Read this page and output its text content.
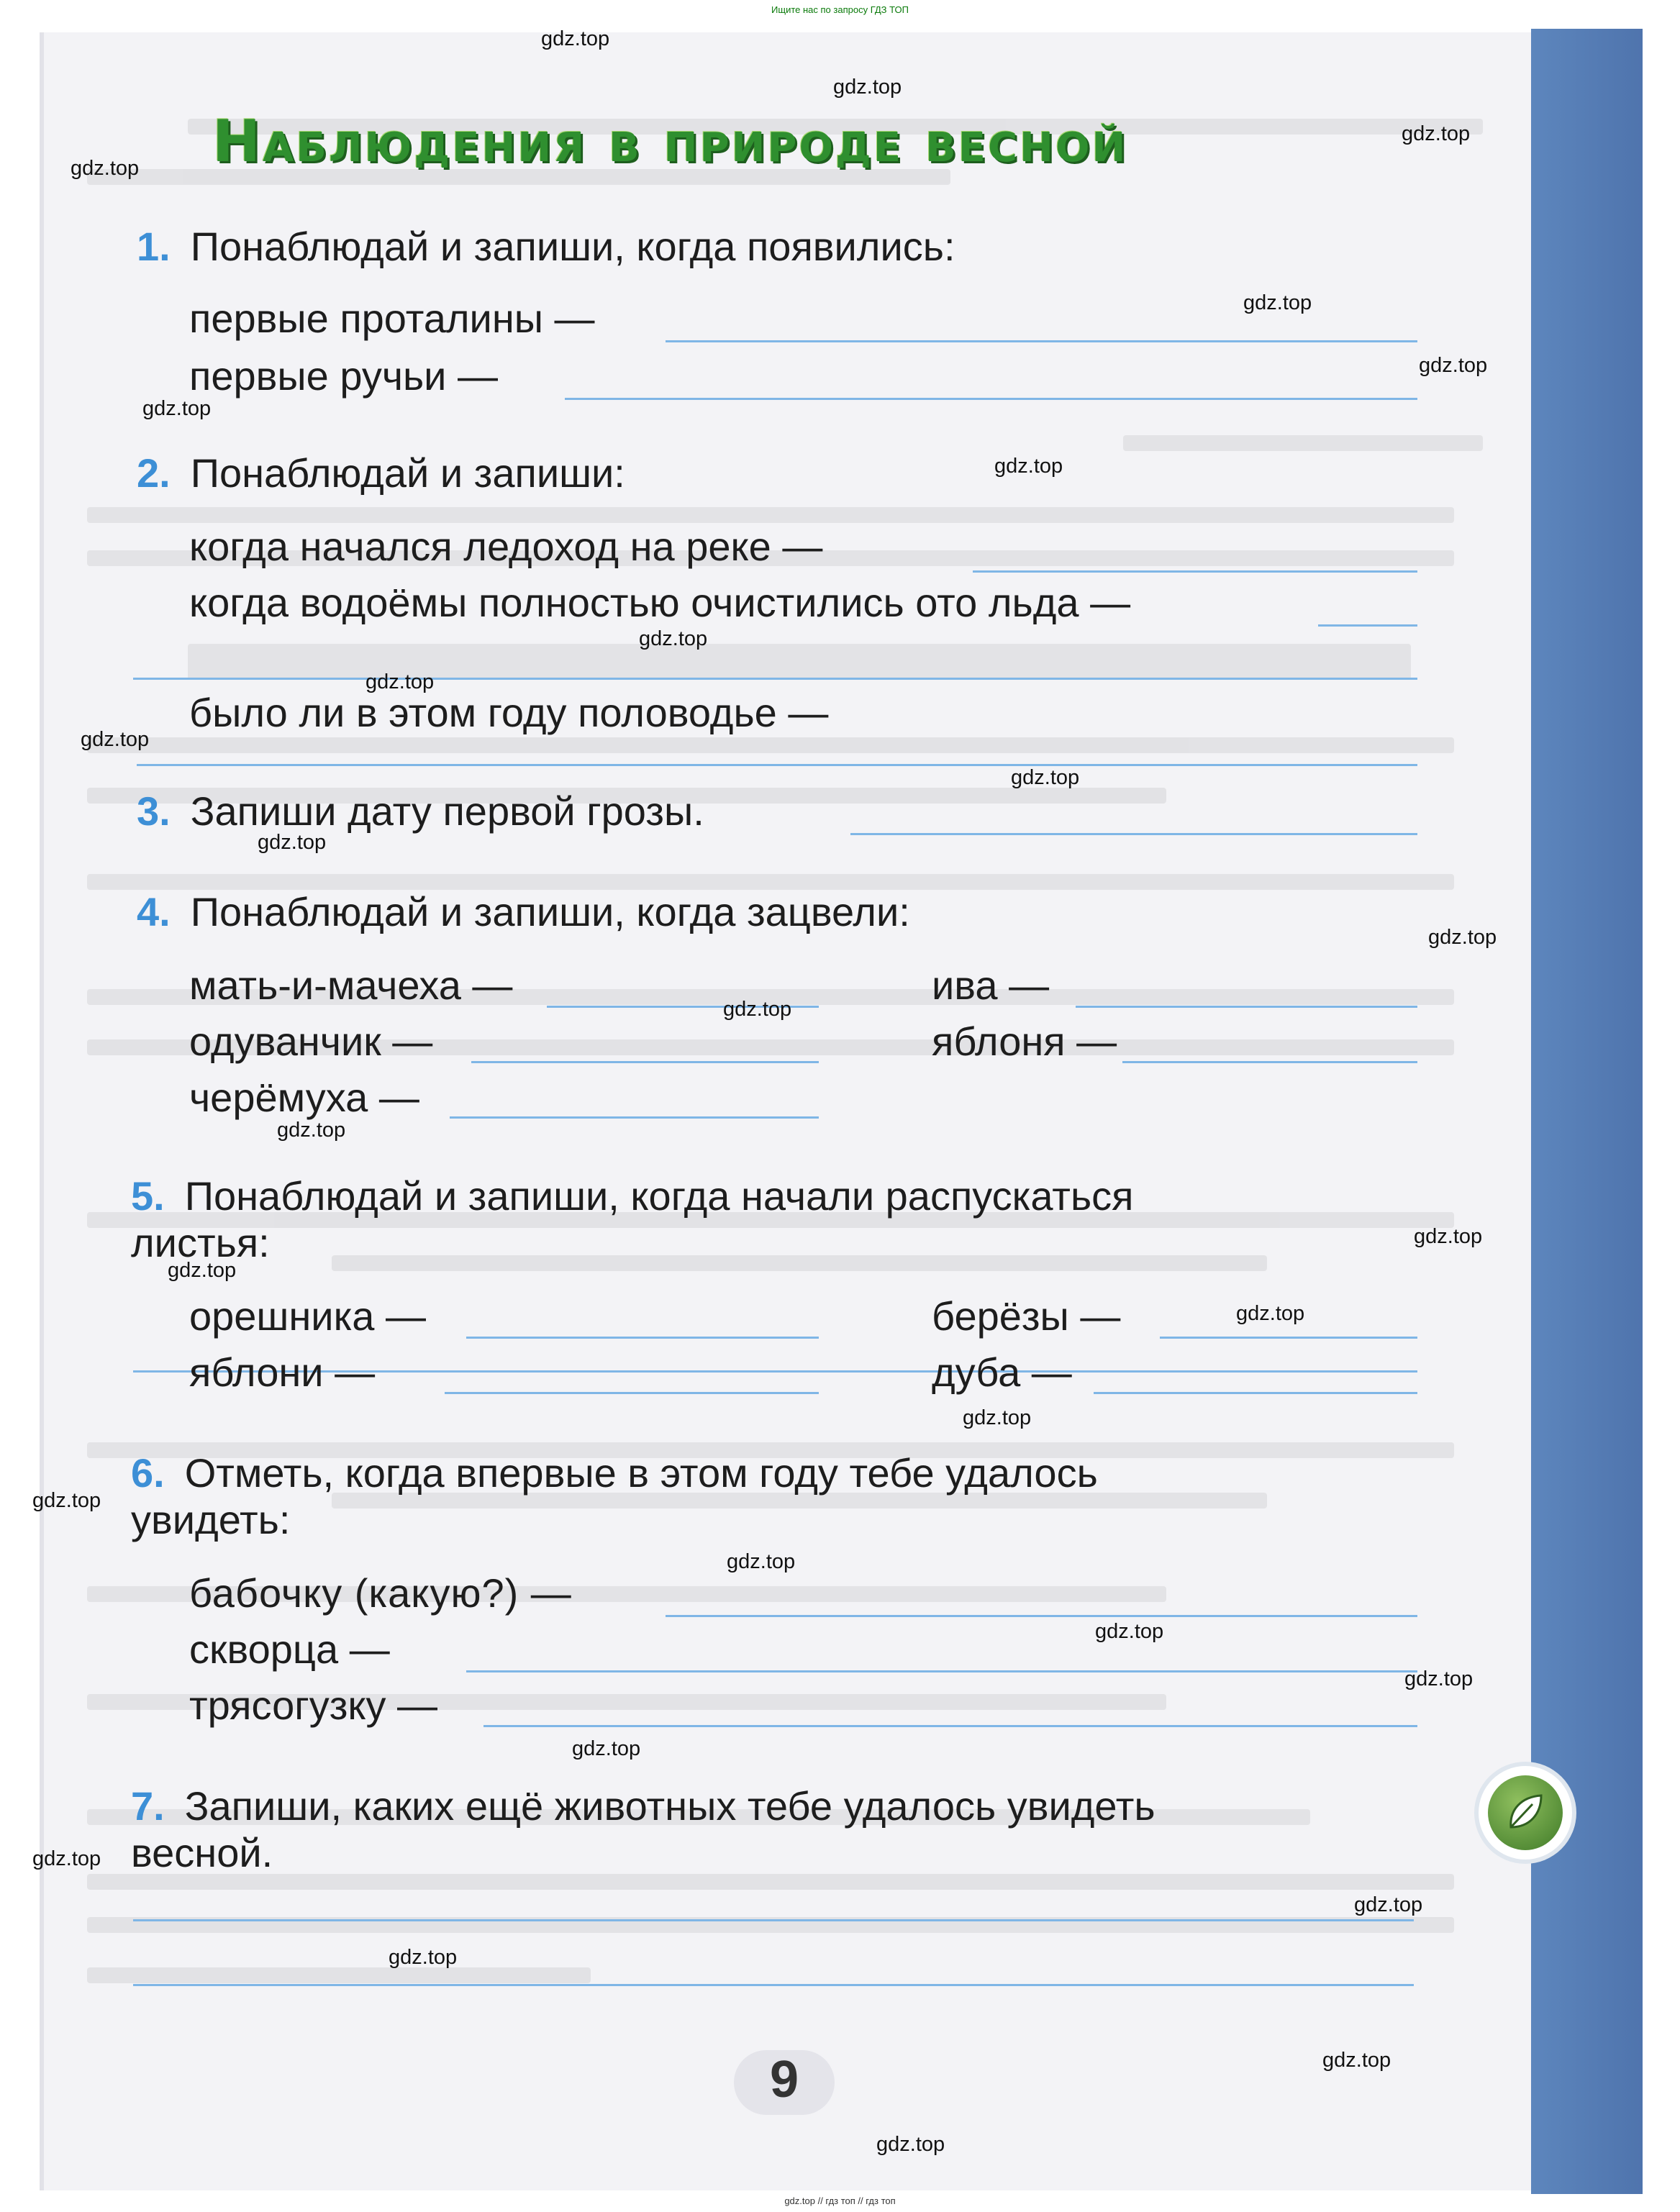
Ищите нас по запросу ГДЗ ТОП
Наблюдения в природе весной
1. Понаблюдай и запиши, когда появились:
первые проталины —
первые ручьи —
2. Понаблюдай и запиши:
когда начался ледоход на реке —
когда водоёмы полностью очистились ото льда —
было ли в этом году половодье —
3. Запиши дату первой грозы.
4. Понаблюдай и запиши, когда зацвели:
мать-и-мачеха —	ива —
одуванчик —	яблоня —
черёмуха —
5. Понаблюдай и запиши, когда начали распускаться
листья:
орешника —	берёзы —
яблони —	дуба —
6. Отметь, когда впервые в этом году тебе удалось
увидеть:
бабочку (какую?) —
скворца —
трясогузку —
7. Запиши, каких ещё животных тебе удалось увидеть
весной.
9
gdz.top
gdz.top
gdz.top
gdz.top
gdz.top
gdz.top
gdz.top
gdz.top
gdz.top
gdz.top
gdz.top
gdz.top
gdz.top
gdz.top
gdz.top
gdz.top
gdz.top
gdz.top
gdz.top
gdz.top
gdz.top
gdz.top
gdz.top
gdz.top
gdz.top
gdz.top
gdz.top
gdz.top
gdz.top
gdz.top
gdz.top // гдз топ // гдз топ
